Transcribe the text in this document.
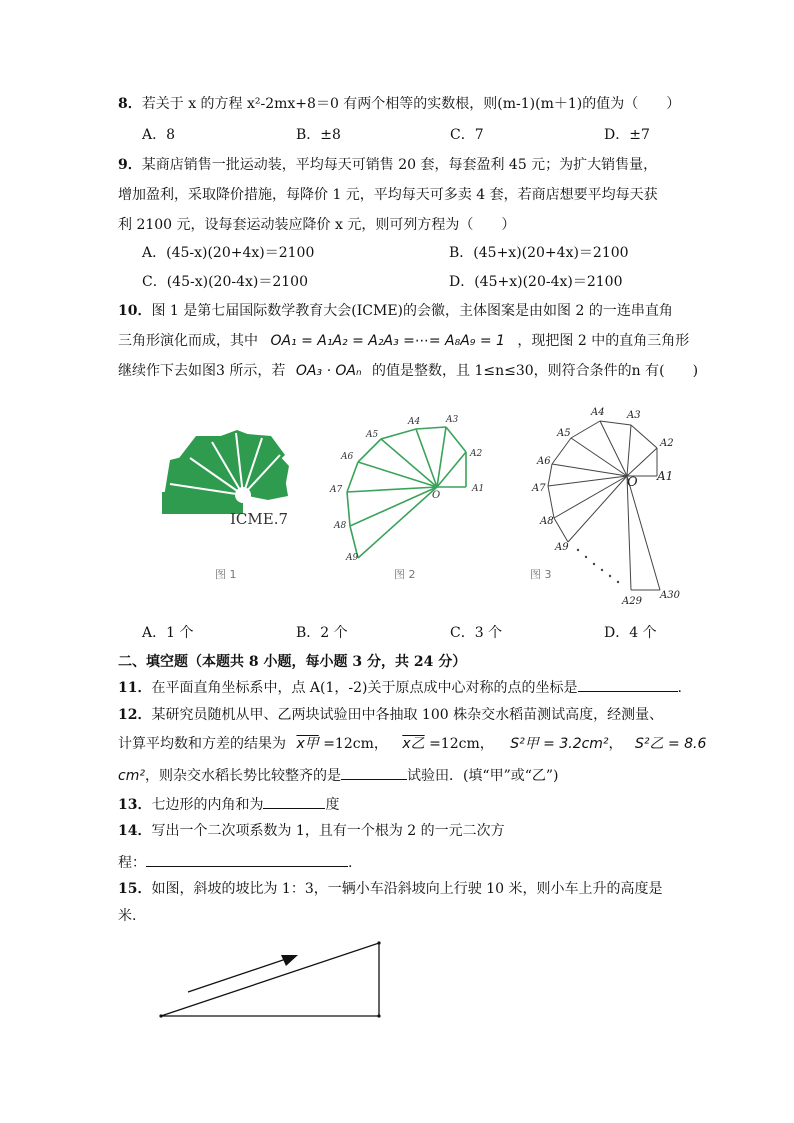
8．若关于 x 的方程 x²-2mx+8＝0 有两个相等的实数根，则(m-1)(m＋1)的值为（　　）
A．8	B．±8	C．7	D．±7
9．某商店销售一批运动装，平均每天可销售 20 套，每套盈利 45 元；为扩大销售量，
增加盈利，采取降价措施，每降价 1 元，平均每天可多卖 4 套，若商店想要平均每天获
利 2100 元，设每套运动装应降价 x 元，则可列方程为（　　）
A．(45-x)(20+4x)＝2100	B．(45+x)(20+4x)＝2100
C．(45-x)(20-4x)＝2100	D．(45+x)(20-4x)＝2100
10．图 1 是第七届国际数学教育大会(ICME)的会徽，主体图案是由如图 2 的一连串直角
三角形演化而成，其中 OA₁ = A₁A₂ = A₂A₃ =⋯= A₈A₉ = 1 ，现把图 2 中的直角三角形
继续作下去如图3 所示，若 OA₃ · OAₙ 的值是整数，且 1≤n≤30，则符合条件的n 有(　　)
ICME.7
图 1
O
A1
A2
A3
A4
A5
A6
A7
A8
A9
图 2
O A1
A2
A3
A4
A5
A6
A7
A8
A9
A29
A30
图 3
A．1 个	B．2 个	C．3 个	D．4 个
二、填空题（本题共 8 小题，每小题 3 分，共 24 分）
11．在平面直角坐标系中，点 A(1，-2)关于原点成中心对称的点的坐标是	.
12．某研究员随机从甲、乙两块试验田中各抽取 100 株杂交水稻苗测试高度，经测量、
计算平均数和方差的结果为 x甲 =12cm， x乙 =12cm， S²甲 = 3.2cm²， S²乙 = 8.6
cm²，则杂交水稻长势比较整齐的是	试验田．(填“甲”或“乙”)
13．七边形的内角和为	度
14．写出一个二次项系数为 1，且有一个根为 2 的一元二次方
程：	.
15．如图，斜坡的坡比为 1：3，一辆小车沿斜坡向上行驶 10 米，则小车上升的高度是
米.
